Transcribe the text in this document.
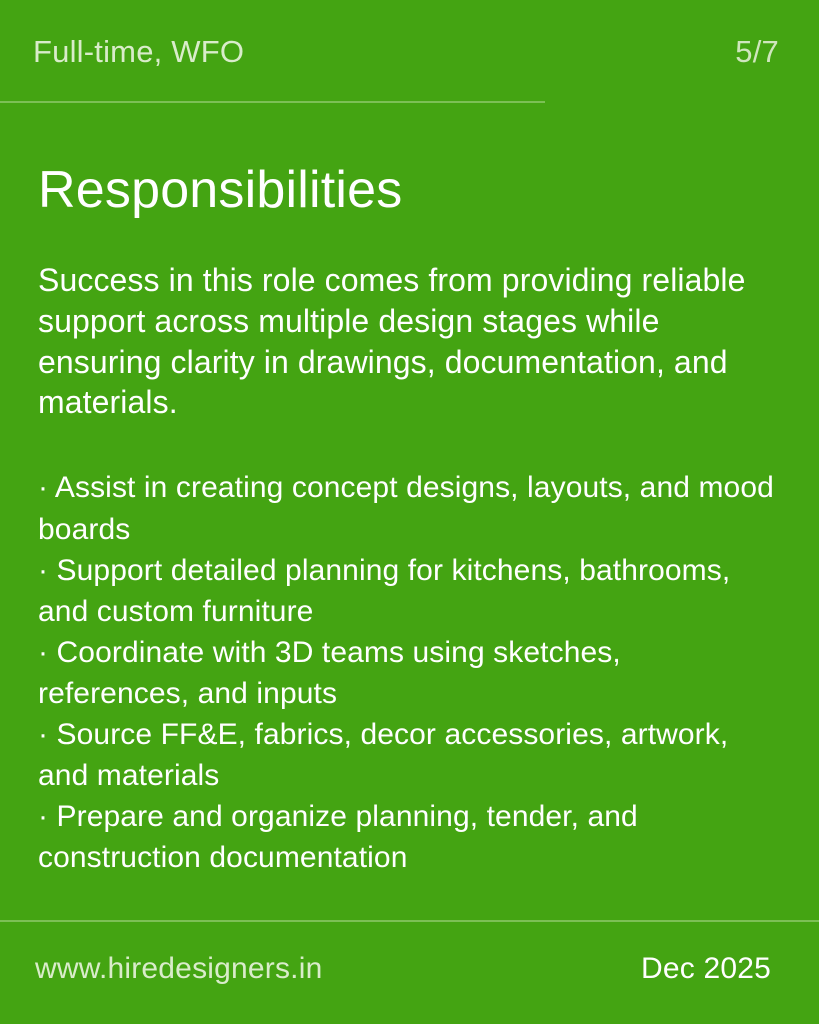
Full-time, WFO	5/7
Responsibilities

Success in this role comes from providing reliable support across multiple design stages while ensuring clarity in drawings, documentation, and materials.

· Assist in creating concept designs, layouts, and mood boards
· Support detailed planning for kitchens, bathrooms, and custom furniture
· Coordinate with 3D teams using sketches, references, and inputs
· Source FF&E, fabrics, decor accessories, artwork, and materials
· Prepare and organize planning, tender, and construction documentation
www.hiredesigners.in	Dec 2025
